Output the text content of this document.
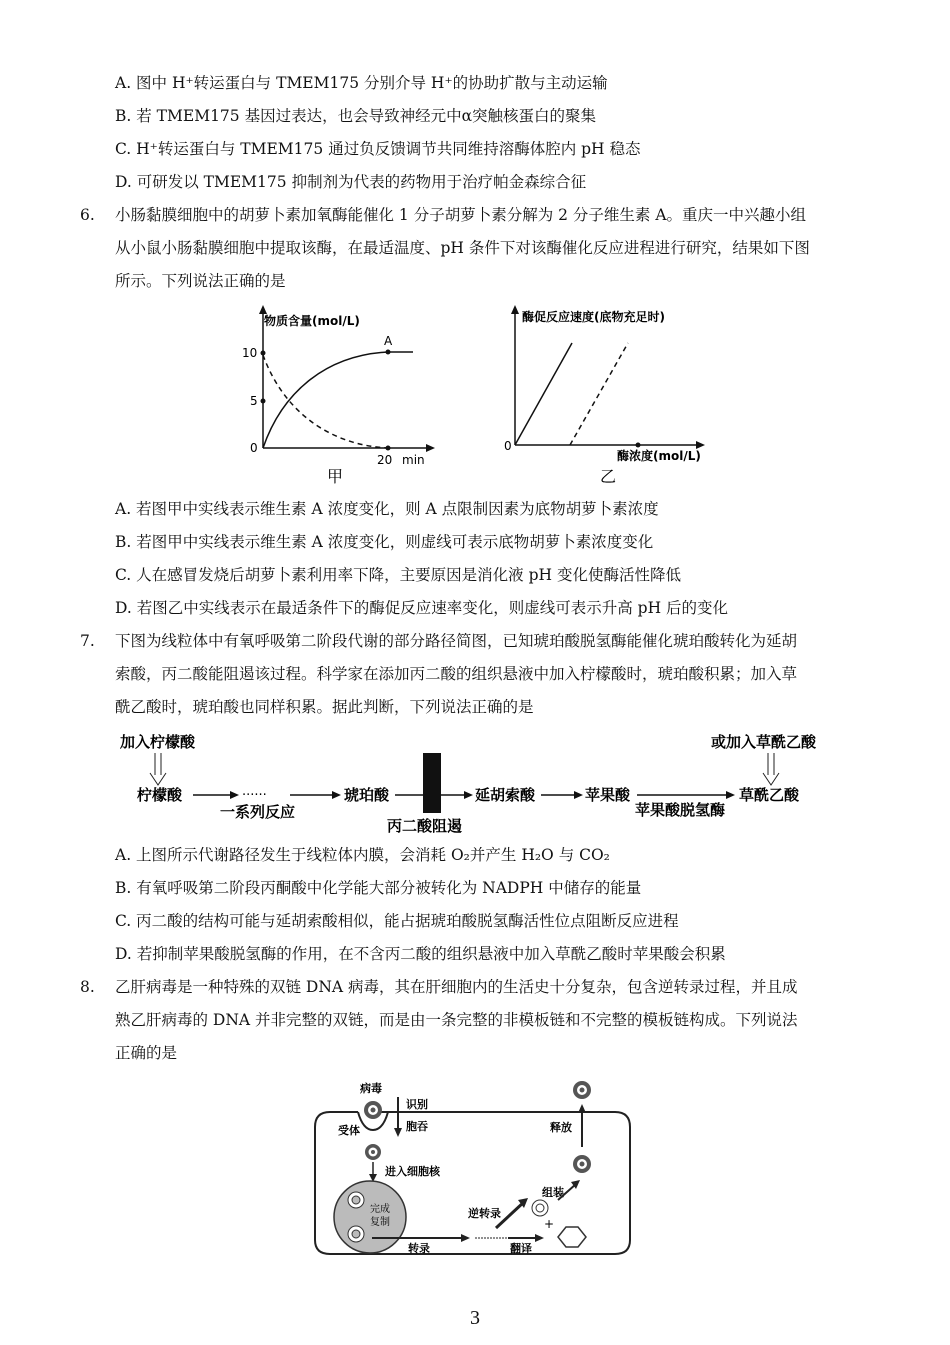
A. 图中 H⁺转运蛋白与 TMEM175 分别介导 H⁺的协助扩散与主动运输
B. 若 TMEM175 基因过表达，也会导致神经元中α突触核蛋白的聚集
C. H⁺转运蛋白与 TMEM175 通过负反馈调节共同维持溶酶体腔内 pH 稳态
D. 可研发以 TMEM175 抑制剂为代表的药物用于治疗帕金森综合征
6. 小肠黏膜细胞中的胡萝卜素加氧酶能催化 1 分子胡萝卜素分解为 2 分子维生素 A。重庆一中兴趣小组
从小鼠小肠黏膜细胞中提取该酶，在最适温度、pH 条件下对该酶催化反应进程进行研究，结果如下图
所示。下列说法正确的是
物质含量(mol/L)
10
5
0
A
20 min
甲
酶促反应速度(底物充足时)
0
酶浓度(mol/L)
乙
A. 若图甲中实线表示维生素 A 浓度变化，则 A 点限制因素为底物胡萝卜素浓度
B. 若图甲中实线表示维生素 A 浓度变化，则虚线可表示底物胡萝卜素浓度变化
C. 人在感冒发烧后胡萝卜素利用率下降，主要原因是消化液 pH 变化使酶活性降低
D. 若图乙中实线表示在最适条件下的酶促反应速率变化，则虚线可表示升高 pH 后的变化
7. 下图为线粒体中有氧呼吸第二阶段代谢的部分路径简图，已知琥珀酸脱氢酶能催化琥珀酸转化为延胡
索酸，丙二酸能阻遏该过程。科学家在添加丙二酸的组织悬液中加入柠檬酸时，琥珀酸积累；加入草
酰乙酸时，琥珀酸也同样积累。据此判断，下列说法正确的是
加入柠檬酸	或加入草酰乙酸
柠檬酸	······
一系列反应
琥珀酸
丙二酸阻遏
延胡索酸	苹果酸
苹果酸脱氢酶
草酰乙酸
A. 上图所示代谢路径发生于线粒体内膜，会消耗 O₂并产生 H₂O 与 CO₂
B. 有氧呼吸第二阶段丙酮酸中化学能大部分被转化为 NADPH 中储存的能量
C. 丙二酸的结构可能与延胡索酸相似，能占据琥珀酸脱氢酶活性位点阻断反应进程
D. 若抑制苹果酸脱氢酶的作用，在不含丙二酸的组织悬液中加入草酰乙酸时苹果酸会积累
8. 乙肝病毒是一种特殊的双链 DNA 病毒，其在肝细胞内的生活史十分复杂，包含逆转录过程，并且成
熟乙肝病毒的 DNA 并非完整的双链，而是由一条完整的非模板链和不完整的模板链构成。下列说法
正确的是
病毒
受体
识别
胞吞
进入细胞核
完成
复制
转录	翻译
逆转录
+
组装
释放
3
